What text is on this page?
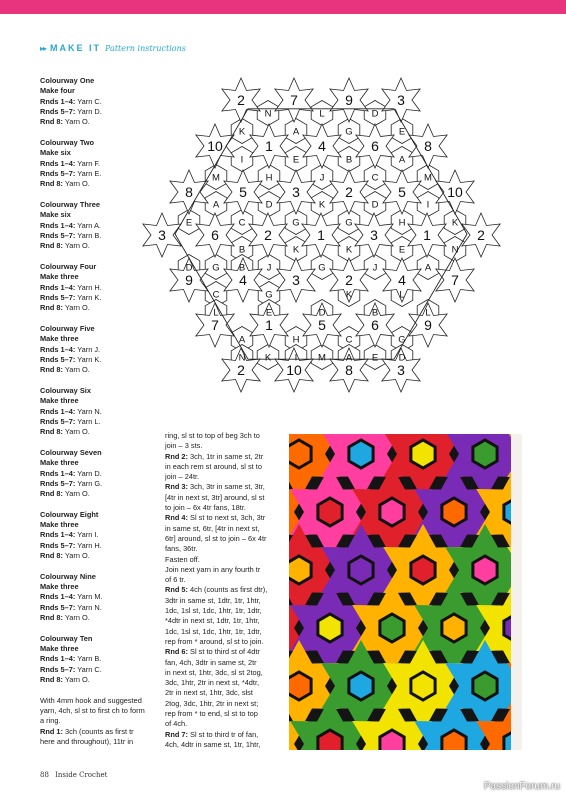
▸▸ MAKE IT Pattern instructions
Colourway One
Make four
Rnds 1–4: Yarn C.
Rnds 5–7: Yarn D.
Rnd 8: Yarn O.
Colourway Two
Make six
Rnds 1–4: Yarn F.
Rnds 5–7: Yarn E.
Rnd 8: Yarn O.
Colourway Three
Make six
Rnds 1–4: Yarn A.
Rnds 5–7: Yarn B.
Rnd 8: Yarn O.
Colourway Four
Make three
Rnds 1–4: Yarn H.
Rnds 5–7: Yarn K.
Rnd 8: Yarn O.
Colourway Five
Make three
Rnds 1–4: Yarn J.
Rnds 5–7: Yarn K.
Rnd 8: Yarn O.
Colourway Six
Make three
Rnds 1–4: Yarn N.
Rnds 5–7: Yarn L.
Rnd 8: Yarn O.
Colourway Seven
Make three
Rnds 1–4: Yarn D.
Rnds 5–7: Yarn G.
Rnd 8: Yarn O.
Colourway Eight
Make three
Rnds 1–4: Yarn I.
Rnds 5–7: Yarn H.
Rnd 8: Yarn O.
Colourway Nine
Make three
Rnds 1–4: Yarn M.
Rnds 5–7: Yarn N.
Rnd 8: Yarn O.
Colourway Ten
Make three
Rnds 1–4: Yarn B.
Rnds 5–7: Yarn C.
Rnd 8: Yarn O.
With 4mm hook and suggested
yarn, 4ch, sl st to first ch to form
a ring.
Rnd 1: 3ch (counts as first tr
here and throughout), 11tr in

ring, sl st to top of beg 3ch to

join – 3 sts.

Rnd 2: 3ch, 1tr in same st, 2tr

in each rem st around, sl st to

join – 24tr.

Rnd 3: 3ch, 3tr in same st, 3tr,

[4tr in next st, 3tr] around, sl st

to join – 6x 4tr fans, 18tr.

Rnd 4: Sl st to next st, 3ch, 3tr

in same st, 6tr, [4tr in next st,

6tr] around, sl st to join – 6x 4tr

fans, 36tr.

Fasten off.

Join next yarn in any fourth tr

of 6 tr.

Rnd 5: 4ch (counts as first dtr),

3dtr in same st, 1dtr, 1tr, 1htr,

1dc, 1sl st, 1dc, 1htr, 1tr, 1dtr,

*4dtr in next st, 1dtr, 1tr, 1htr,

1dc, 1sl st, 1dc, 1htr, 1tr, 1dtr,

rep from * around, sl st to join.

Rnd 6: Sl st to third st of 4dtr

fan, 4ch, 3dtr in same st, 2tr

in next st, 1htr, 3dc, sl st 2tog,

3dc, 1htr, 2tr in next st, *4dtr,

2tr in next st, 1htr, 3dc, slst

2tog, 3dc, 1htr, 2tr in next st;

rep from * to end, sl st to top

of 4ch.

Rnd 7: Sl st to third tr of fan,

4ch, 4dtr in same st, 1tr, 1htr,

2	7	9	3
10	1	4	6	8
8	5	3	2	5	10
3	6	2	1	3	1	2
9	4	3	2	4	7
7	1	5	6	9
2	10	8	3
N	L	D
K	A	G	E
I	E	B	A
M	H	J	C	M
A	D	K	D	I
E	C	G	G	H	K
B	K	K	E	N
D G B J	G	J	A
C	G	K	L
L	E	D	B	L
A	H	C	G
N	I	A	D
K	M	E
88 Inside Crochet
PassionForum.ru
